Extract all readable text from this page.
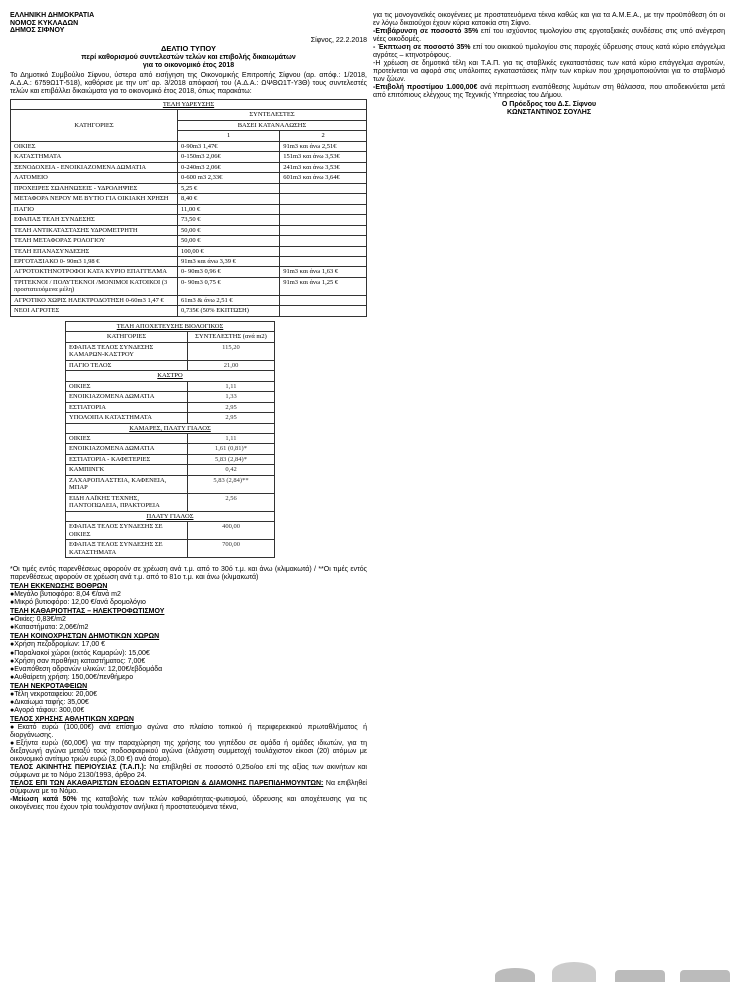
ΕΛΛΗΝΙΚΗ ΔΗΜΟΚΡΑΤΙΑ
ΝΟΜΟΣ ΚΥΚΛΑΔΩΝ
ΔΗΜΟΣ ΣΙΦΝΟΥ
Σίφνος, 22.2.2018
ΔΕΛΤΙΟ ΤΥΠΟΥ
περί καθορισμού συντελεστών τελών και επιβολής δικαιωμάτων
για το οικονομικό έτος 2018
Το Δημοτικό Συμβούλιο Σίφνου, ύστερα από εισήγηση της Οικονομικής Επιτροπής Σίφνου (αρ. απόφ.: 1/2018, Α.Δ.Α.: 6759Ω1Τ-518), καθόρισε με την υπ' αρ. 3/2018 απόφασή του (Α.Δ.Α.: ΩΨΘΩ1Τ-Υ3Θ) τους συντελεστές τελών και επιβάλλει δικαιώματα για το οικονομικό έτος 2018, όπως παρακάτω:
ΤΕΛΗ ΥΔΡΕΥΣΗΣ		
ΚΑΤΗΓΟΡΙΕΣ	ΣΥΝΤΕΛΕΣΤΕΣ	
	ΒΑΣΕΙ ΚΑΤΑΝΑΛΩΣΗΣ	
	1	2
ΟΙΚΙΕΣ	0-90m3 1,47€	91m3 και άνω 2,51€
ΚΑΤΑΣΤΗΜΑΤΑ	0-150m3 2,06€	151m3 και άνω 3,53€
ΞΕΝΟΔΟΧΕΙΑ - ΕΝΟΙΚΙΑΖΟΜΕΝΑ ΔΩΜΑΤΙΑ	0-240m3 2,06€	241m3 και άνω 3,53€
ΛΑΤΟΜΕΙΟ	0-600 m3 2,33€	601m3 και άνω 3,64€
ΠΡΟΧΕΙΡΕΣ ΣΩΛΗΝΩΣΕΙΣ - ΥΔΡΟΛΗΨΙΕΣ	5,25 €	
ΜΕΤΑΦΟΡΑ ΝΕΡΟΥ ΜΕ ΒΥΤΙΟ ΓΙΑ ΟΙΚΙΑΚΗ ΧΡΗΣΗ	8,40 €	
ΠΑΓΙΟ	11,00 €	
ΕΦΑΠΑΞ ΤΕΛΗ ΣΥΝΔΕΣΗΣ	73,50 €	
ΤΕΛΗ ΑΝΤΙΚΑΤΑΣΤΑΣΗΣ ΥΔΡΟΜΕΤΡΗΤΗ	50,00 €	
ΤΕΛΗ ΜΕΤΑΦΟΡΑΣ ΡΟΛΟΓΙΟΥ	50,00 €	
ΤΕΛΗ ΕΠΑΝΑΣΥΝΔΕΣΗΣ	100,00 €	
ΕΡΓΟΤΑΞΙΑΚΟ 0- 90m3 1,98 €	91m3 και άνω 3,39 €	
ΑΓΡΟΤΟΚΤΗΝΟΤΡΟΦΟΙ ΚΑΤΑ ΚΥΡΙΟ ΕΠΑΓΓΕΛΜΑ	0- 90m3 0,96 €	91m3 και άνω 1,63 €
ΤΡΙΤΕΚΝΟΙ / ΠΟΛΥΤΕΚΝΟΙ /ΜΟΝΙΜΟΙ ΚΑΤΟΙΚΟΙ (3 προστατευόμενα μέλη)	0- 90m3 0,75 €	91m3 και άνω 1,25 €
ΑΓΡΟΤΙΚΟ ΧΩΡΙΣ ΗΛΕΚΤΡΟΔΟΤΗΣΗ 0-60m3 1,47 €	61m3 & άνω 2,51 €	
ΝΕΟΙ ΑΓΡΟΤΕΣ	0,735€ (50% ΕΚΠΤΩΣΗ)	
ΤΕΛΗ ΑΠΟΧΕΤΕΥΣΗΣ ΒΙΟΛΟΓΙΚΟΣ	
ΚΑΤΗΓΟΡΙΕΣ	ΣΥΝΤΕΛΕΣΤΗΣ (ανά m2)
ΕΦΑΠΑΞ ΤΕΛΟΣ ΣΥΝΔΕΣΗΣ ΚΑΜΑΡΩΝ-ΚΑΣΤΡΟΥ	115,20
ΠΑΓΙΟ ΤΕΛΟΣ	21,00
ΚΑΣΤΡΟ	
ΟΙΚΙΕΣ	1,11
ΕΝΟΙΚΙΑΖΟΜΕΝΑ ΔΩΜΑΤΙΑ	1,33
ΕΣΤΙΑΤΟΡΙΑ	2,95
ΥΠΟΛΟΙΠΑ ΚΑΤΑΣΤΗΜΑΤΑ	2,95
ΚΑΜΑΡΕΣ, ΠΛΑΤΥ ΓΙΑΛΟΣ	
ΟΙΚΙΕΣ	1,11
ΕΝΟΙΚΙΑΖΟΜΕΝΑ ΔΩΜΑΤΙΑ	1,61 (0,81)*
ΕΣΤΙΑΤΟΡΙΑ - ΚΑΦΕΤΕΡΙΕΣ	5,83 (2,84)*
ΚΑΜΠΙΝΓΚ	0,42
ΖΑΧΑΡΟΠΛΑΣΤΕΙΑ, ΚΑΦΕΝΕΙΑ, ΜΠΑΡ	5,83 (2,84)**
ΕΙΔΗ ΛΑΪΚΗΣ ΤΕΧΝΗΣ, ΠΑΝΤΟΠΩΛΕΙΑ, ΠΡΑΚΤΟΡΕΙΑ	2,56
ΠΛΑΤΥ ΓΙΑΛΟΣ	
ΕΦΑΠΑΞ ΤΕΛΟΣ ΣΥΝΔΕΣΗΣ ΣΕ ΟΙΚΙΕΣ	400,00
ΕΦΑΠΑΞ ΤΕΛΟΣ ΣΥΝΔΕΣΗΣ ΣΕ ΚΑΤΑΣΤΗΜΑΤΑ	700,00
*Οι τιμές εντός παρενθέσεως αφορούν σε χρέωση ανά τ.μ. από το 30ό τ.μ. και άνω (κλιμακωτά) / **Οι τιμές εντός παρενθέσεως αφορούν σε χρέωση ανά τ.μ. από το 81ο τ.μ. και άνω (κλιμακωτά)
ΤΕΛΗ ΕΚΚΕΝΩΣΗΣ ΒΟΘΡΩΝ
● Μεγάλο βυτιοφόρο: 8,04 €/ανά m2
● Μικρό βυτιοφόρο: 12,00 €/ανά δρομολόγιο
ΤΕΛΗ ΚΑΘΑΡΙΟΤΗΤΑΣ – ΗΛΕΚΤΡΟΦΩΤΙΣΜΟΥ
● Οικίες: 0,83€/m2
● Καταστήματα: 2,06€/m2
ΤΕΛΗ ΚΟΙΝΟΧΡΗΣΤΩΝ ΔΗΜΟΤΙΚΩΝ ΧΩΡΩΝ
● Χρήση πεζοδρομίων: 17,00 €
● Παραλιακοί χώροι (εκτός Καμαρών): 15,00€
● Χρήση σαν προθήκη καταστήματος: 7,00€
● Εναπόθεση αδρανών υλικών: 12,00€/εβδομάδα
● Αυθαίρετη χρήση: 150,00€/πενθήμερο
ΤΕΛΗ ΝΕΚΡΟΤΑΦΕΙΩΝ
● Τέλη νεκροταφείου: 20,00€
● Δικαίωμα ταφής: 35,00€
● Αγορά τάφου: 300,00€
ΤΕΛΟΣ ΧΡΗΣΗΣ ΑΘΛΗΤΙΚΩΝ ΧΩΡΩΝ
● Εκατό ευρώ (100,00€) ανά επίσημο αγώνα στο πλαίσιο τοπικού ή περιφερειακού πρωταθλήματος ή διοργάνωσης.
● Εξήντα ευρώ (60,00€) για την παραχώρηση της χρήσης του γηπέδου σε ομάδα ή ομάδες ιδιωτών, για τη διεξαγωγή αγώνα μεταξύ τους ποδοσφαιρικού αγώνα (ελάχιστη συμμετοχή τουλάχιστον είκοσι (20) ατόμων με οικονομικό αντίτιμο τριών ευρώ (3,00 €) ανά άτομο).
ΤΕΛΟΣ ΑΚΙΝΗΤΗΣ ΠΕΡΙΟΥΣΙΑΣ (Τ.Α.Π.): Να επιβληθεί σε ποσοστό 0,25ο/οο επί της αξίας των ακινήτων και σύμφωνα με το Νόμο 2130/1993, άρθρο 24.
ΤΕΛΟΣ ΕΠΙ ΤΩΝ ΑΚΑΘΑΡΙΣΤΩΝ ΕΣΟΔΩΝ ΕΣΤΙΑΤΟΡΙΩΝ & ΔΙΑΜΟΝΗΣ ΠΑΡΕΠΙΔΗΜΟΥΝΤΩΝ: Να επιβληθεί σύμφωνα με το Νόμο.
-Μείωση κατά 50% της καταβολής των τελών καθαριότητας-φωτισμού, ύδρευσης και αποχέτευσης για τις οικογένειες που έχουν τρία τουλάχιστον ανήλικα ή προστατευόμενα τέκνα,
για τις μονογονεϊκές οικογένειες με προστατευόμενα τέκνα καθώς και για τα Α.Μ.Ε.Α., με την προϋπόθεση ότι οι εν λόγω δικαιούχοι έχουν κύρια κατοικία στη Σίφνο.
-Επιβάρυνση σε ποσοστό 35% επί του ισχύοντος τιμολογίου στις εργοταξιακές συνδέσεις στις υπό ανέγερση νέες οικοδομές.
- Έκπτωση σε ποσοστό 35% επί του οικιακού τιμολογίου στις παροχές ύδρευσης στους κατά κύριο επάγγελμα αγρότες – κτηνοτρόφους.
-Η χρέωση σε δημοτικά τέλη και Τ.Α.Π. για τις σταβλικές εγκαταστάσεις των κατά κύριο επάγγελμα αγροτών, προτείνεται να αφορά στις υπόλοιπες εγκαταστάσεις πλην των κτιρίων που χρησιμοποιούνται για το σταβλισμό των ζώων.
-Επιβολή προστίμου 1.000,00€ ανά περίπτωση εναπόθεσης λυμάτων στη θάλασσα, που αποδεικνύεται μετά από επιτόπιους ελέγχους της Τεχνικής Υπηρεσίας του Δήμου.
Ο Πρόεδρος του Δ.Σ. Σίφνου
ΚΩΝΣΤΑΝΤΙΝΟΣ ΣΟΥΛΗΣ
